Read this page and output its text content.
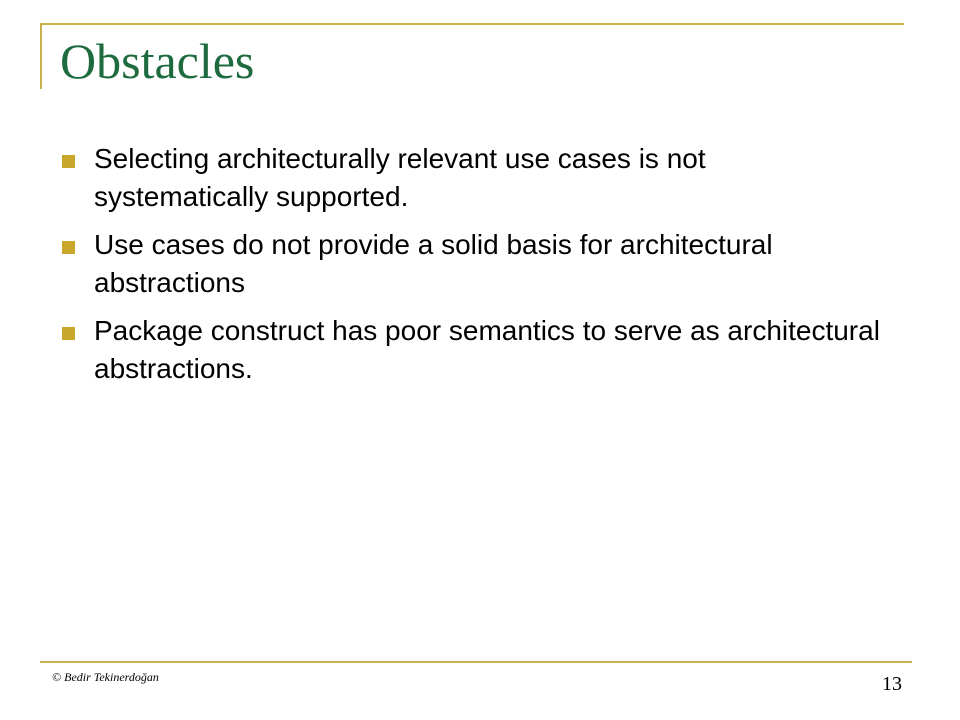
Obstacles
Selecting architecturally relevant use cases is not systematically supported.
Use cases do not provide a solid basis for architectural abstractions
Package construct has poor semantics to serve as architectural abstractions.
© Bedir Tekinerdoğan	13
